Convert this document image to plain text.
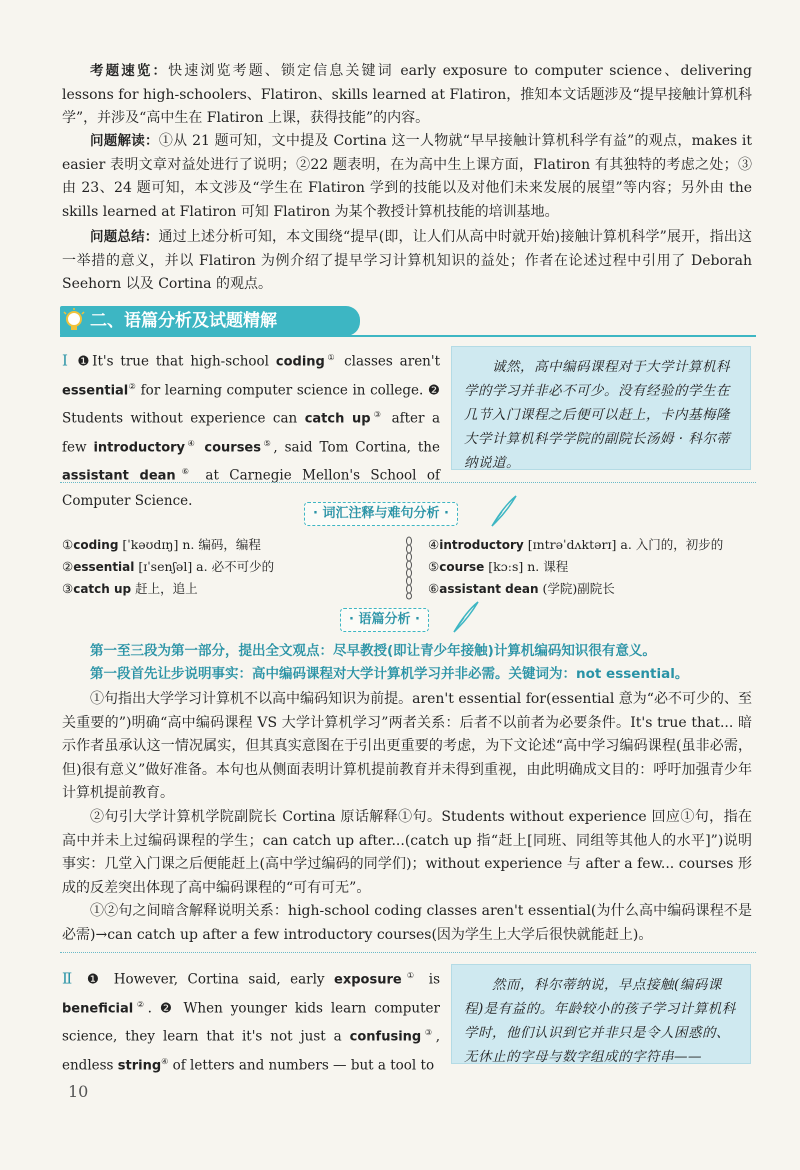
考题速览：快速浏览考题、锁定信息关键词 early exposure to computer science、delivering lessons for high-schoolers、Flatiron、skills learned at Flatiron，推知本文话题涉及“提早接触计算机科学”，并涉及“高中生在 Flatiron 上课，获得技能”的内容。

问题解读：①从 21 题可知，文中提及 Cortina 这一人物就“早早接触计算机科学有益”的观点，makes it easier 表明文章对益处进行了说明；②22 题表明，在为高中生上课方面，Flatiron 有其独特的考虑之处；③由 23、24 题可知，本文涉及“学生在 Flatiron 学到的技能以及对他们未来发展的展望”等内容；另外由 the skills learned at Flatiron 可知 Flatiron 为某个教授计算机技能的培训基地。

问题总结：通过上述分析可知，本文围绕“提早(即，让人们从高中时就开始)接触计算机科学”展开，指出这一举措的意义，并以 Flatiron 为例介绍了提早学习计算机知识的益处；作者在论述过程中引用了 Deborah Seehorn 以及 Cortina 的观点。

二、语篇分析及试题精解

Ⅰ ❶It's true that high-school coding① classes aren't essential② for learning computer science in college. ❷ Students without experience can catch up③ after a few introductory④ courses⑤, said Tom Cortina, the assistant dean⑥ at Carnegie Mellon's School of Computer Science.

诚然，高中编码课程对于大学计算机科学的学习并非必不可少。没有经验的学生在几节入门课程之后便可以赶上，卡内基梅隆大学计算机科学学院的副院长汤姆 · 科尔蒂纳说道。
· 词汇注释与难句分析 ·
①coding [ˈkəʊdɪŋ] n. 编码，编程
②essential [ɪˈsenʃəl] a. 必不可少的
③catch up 赶上，追上
④introductory [ɪntrəˈdʌktərɪ] a. 入门的，初步的
⑤course [kɔːs] n. 课程
⑥assistant dean (学院)副院长
· 语篇分析 ·

第一至三段为第一部分，提出全文观点：尽早教授(即让青少年接触)计算机编码知识很有意义。

第一段首先让步说明事实：高中编码课程对大学计算机学习并非必需。关键词为：not essential。

①句指出大学学习计算机不以高中编码知识为前提。aren't essential for(essential 意为“必不可少的、至关重要的”)明确“高中编码课程 VS 大学计算机学习”两者关系：后者不以前者为必要条件。It's true that... 暗示作者虽承认这一情况属实，但其真实意图在于引出更重要的考虑，为下文论述“高中学习编码课程(虽非必需，但)很有意义”做好准备。本句也从侧面表明计算机提前教育并未得到重视，由此明确成文目的：呼吁加强青少年计算机提前教育。

②句引大学计算机学院副院长 Cortina 原话解释①句。Students without experience 回应①句，指在高中并未上过编码课程的学生；can catch up after...(catch up 指“赶上[同班、同组等其他人的水平]”)说明事实：几堂入门课之后便能赶上(高中学过编码的同学们)；without experience 与 after a few... courses 形成的反差突出体现了高中编码课程的“可有可无”。

①②句之间暗含解释说明关系：high-school coding classes aren't essential(为什么高中编码课程不是必需)→can catch up after a few introductory courses(因为学生上大学后很快就能赶上)。

Ⅱ ❶ However, Cortina said, early exposure① is beneficial②. ❷ When younger kids learn computer science, they learn that it's not just a confusing③, endless string④ of letters and numbers — but a tool to

然而，科尔蒂纳说，早点接触(编码课程)是有益的。年龄较小的孩子学习计算机科学时，他们认识到它并非只是令人困惑的、无休止的字母与数字组成的字符串——
10
